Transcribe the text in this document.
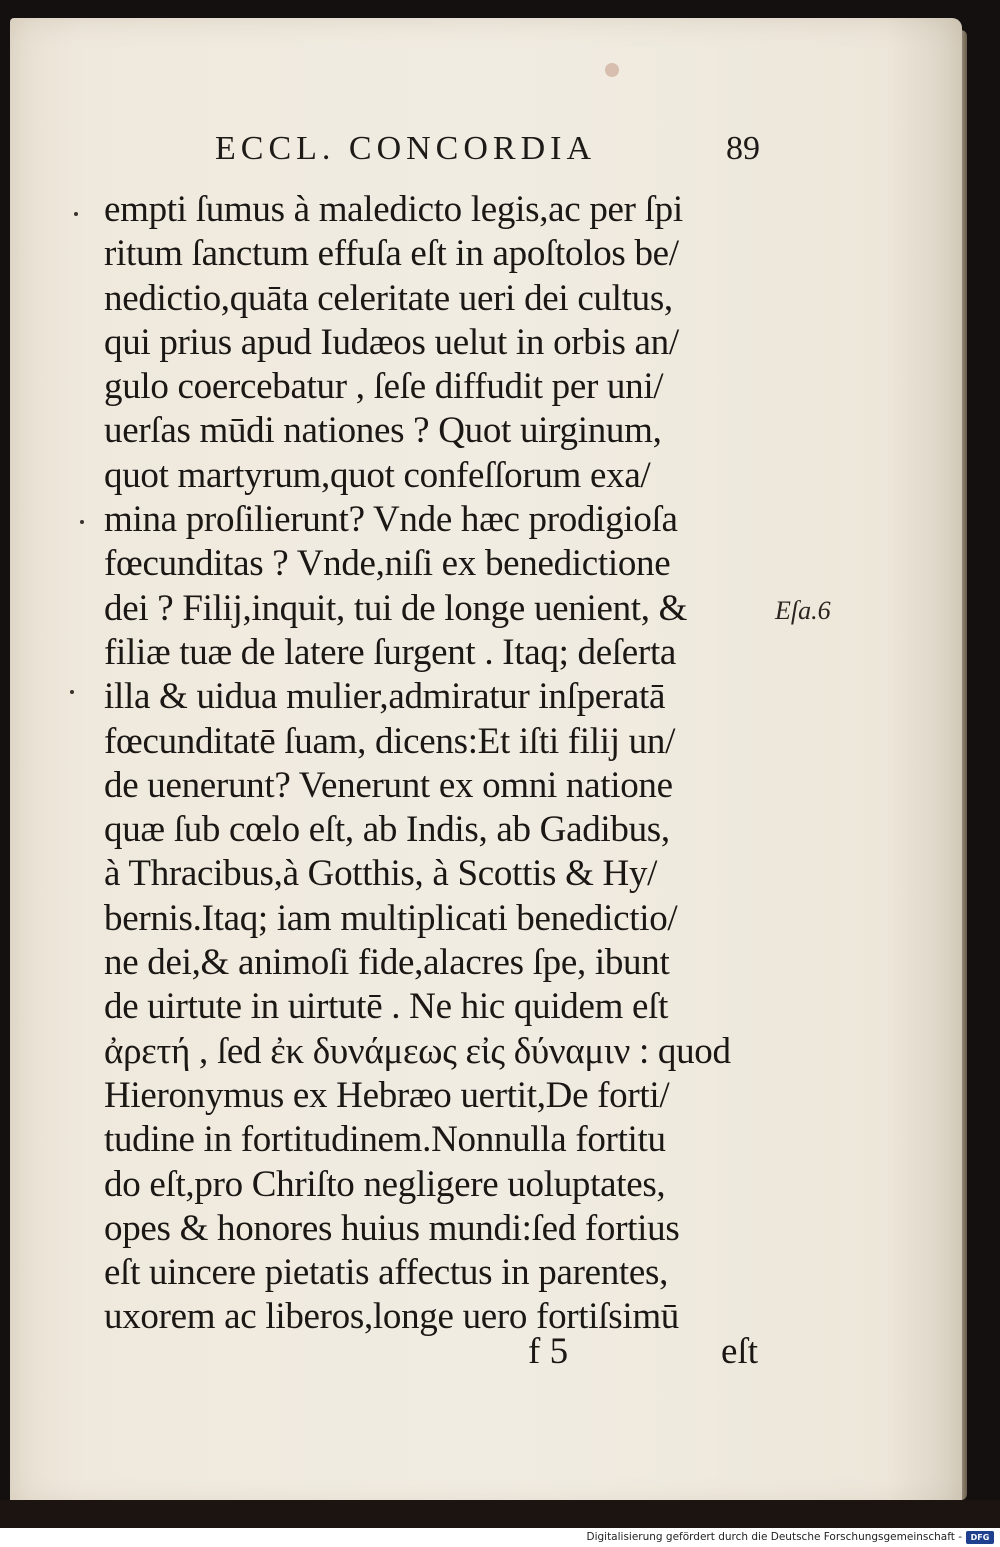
ECCL. CONCORDIA	89
empti ſumus à maledicto legis,ac per ſpi
ritum ſanctum effuſa eſt in apoſtolos be/
nedictio,quāta celeritate ueri dei cultus,
qui prius apud Iudæos uelut in orbis an/
gulo coercebatur , ſeſe diffudit per uni/
uerſas mūdi nationes ? Quot uirginum,
quot martyrum,quot confeſſorum exa/
mina proſilierunt? Vnde hæc prodigioſa
fœcunditas ? Vnde,niſi ex benedictione
dei ? Filij,inquit, tui de longe uenient, &
filiæ tuæ de latere ſurgent . Itaq; deſerta
illa & uidua mulier,admiratur inſperatā
fœcunditatē ſuam, dicens:Et iſti filij un/
de uenerunt? Venerunt ex omni natione
quæ ſub cœlo eſt, ab Indis, ab Gadibus,
à Thracibus,à Gotthis, à Scottis & Hy/
bernis.Itaq; iam multiplicati benedictio/
ne dei,& animoſi fide,alacres ſpe, ibunt
de uirtute in uirtutē . Ne hic quidem eſt
ἀρετή , ſed ἐκ δυνάμεως εἰς δύναμιν : quod
Hieronymus ex Hebræo uertit,De forti/
tudine in fortitudinem.Nonnulla fortitu
do eſt,pro Chriſto negligere uoluptates,
opes & honores huius mundi:ſed fortius
eſt uincere pietatis affectus in parentes,
uxorem ac liberos,longe uero fortiſsimū
Eſa.6
f 5	eſt
Digitalisierung gefördert durch die Deutsche Forschungsgemeinschaft -	DFG
